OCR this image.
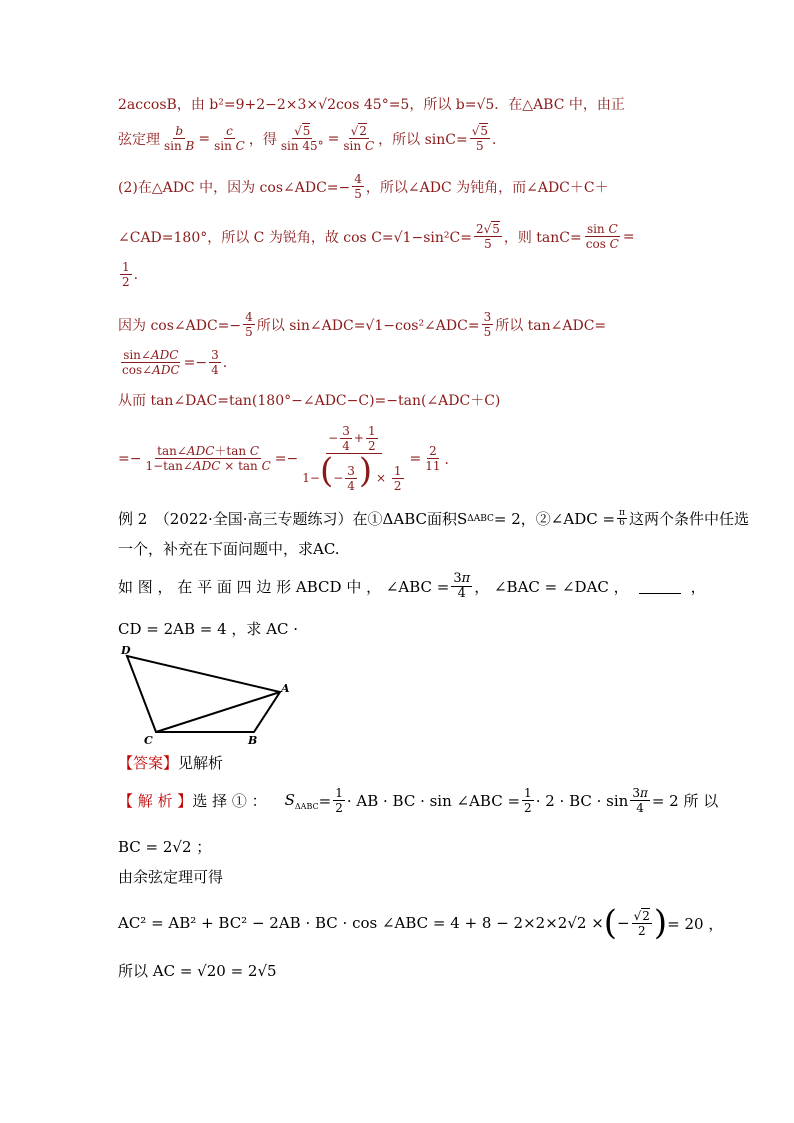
2accosB，由 b²=9+2−2×3×√2cos 45°=5，所以 b=√5．在△ABC 中，由正
弦定理 $\frac{b}{\text{sin B}} = \frac{c}{\text{sin C}}$ ，得 $\frac{√5}{\sin 45^\circ} = \frac{√2}{\text{sin C}}$ ，所以 $\sin C= \frac{√5}{5}$ ．
(2)在△ADC 中，因为 cos∠ADC=− $\frac{4}{5}$ ，所以∠ADC 为钝角，而∠ADC＋C＋
∠CAD=180°，所以 C 为锐角，故 $\cos C=√1-\sin^2C= \frac{2√5}{5}$ ，则 $\tan C= \frac{\text{sin C}}{\text{cos C}}$ =
$\frac{1}{2}$ .
因为 cos∠ADC=− $\frac{4}{5}$ 所以 sin∠ADC=√1−cos²∠ADC= $\frac{3}{5}$ 所以 tan∠ADC=
$\frac{\text{sin∠ADC}}{\text{cos∠ADC}} =- \frac{3}{4}$ .
从而 tan∠DAC=tan(180°−∠ADC−C)=−tan(∠ADC＋C)
=− $\frac{\text{tan∠ADC＋tan C}}{\text{1−tan∠ADC × tan C}} =- \frac{- \frac{3}{4} + \frac{1}{2}}{1-(- \frac{3}{4} ) \times \frac{1}{2}} = \frac{2}{11}$ ．
例 2　（2022·全国·高三专题练习）在①ΔABC面积S ΔABC = 2，②∠ADC = $\frac{\pi}{6}$ 这两个条件中任选
一个，补充在下面问题中，求AC.
如 图 ， 在 平 面 四 边 形 ABCD 中 ， ∠ABC = $\frac{3\pi}{4}$ ， ∠BAC = ∠DAC ，	，
CD = 2AB = 4 ，求 AC ·
D
A
C	B
【答案】 见解析
【 解 析 】 选 择 ① ： $S_{\Delta ABC} = \frac{1}{2}$ · AB · BC · sin ∠ABC = $\frac{1}{2} \cdot 2$ · BC · $\sin \frac{3\pi}{4} = 2$ 所 以
BC = 2√2 ；
由余弦定理可得
AC² = AB² + BC² − 2AB · BC · cos ∠ABC = 4 + 8 − 2×2×2√2 × ( − $\frac{√2}{2}$ ) = 20 ，
所以 AC = √20 = 2√5
